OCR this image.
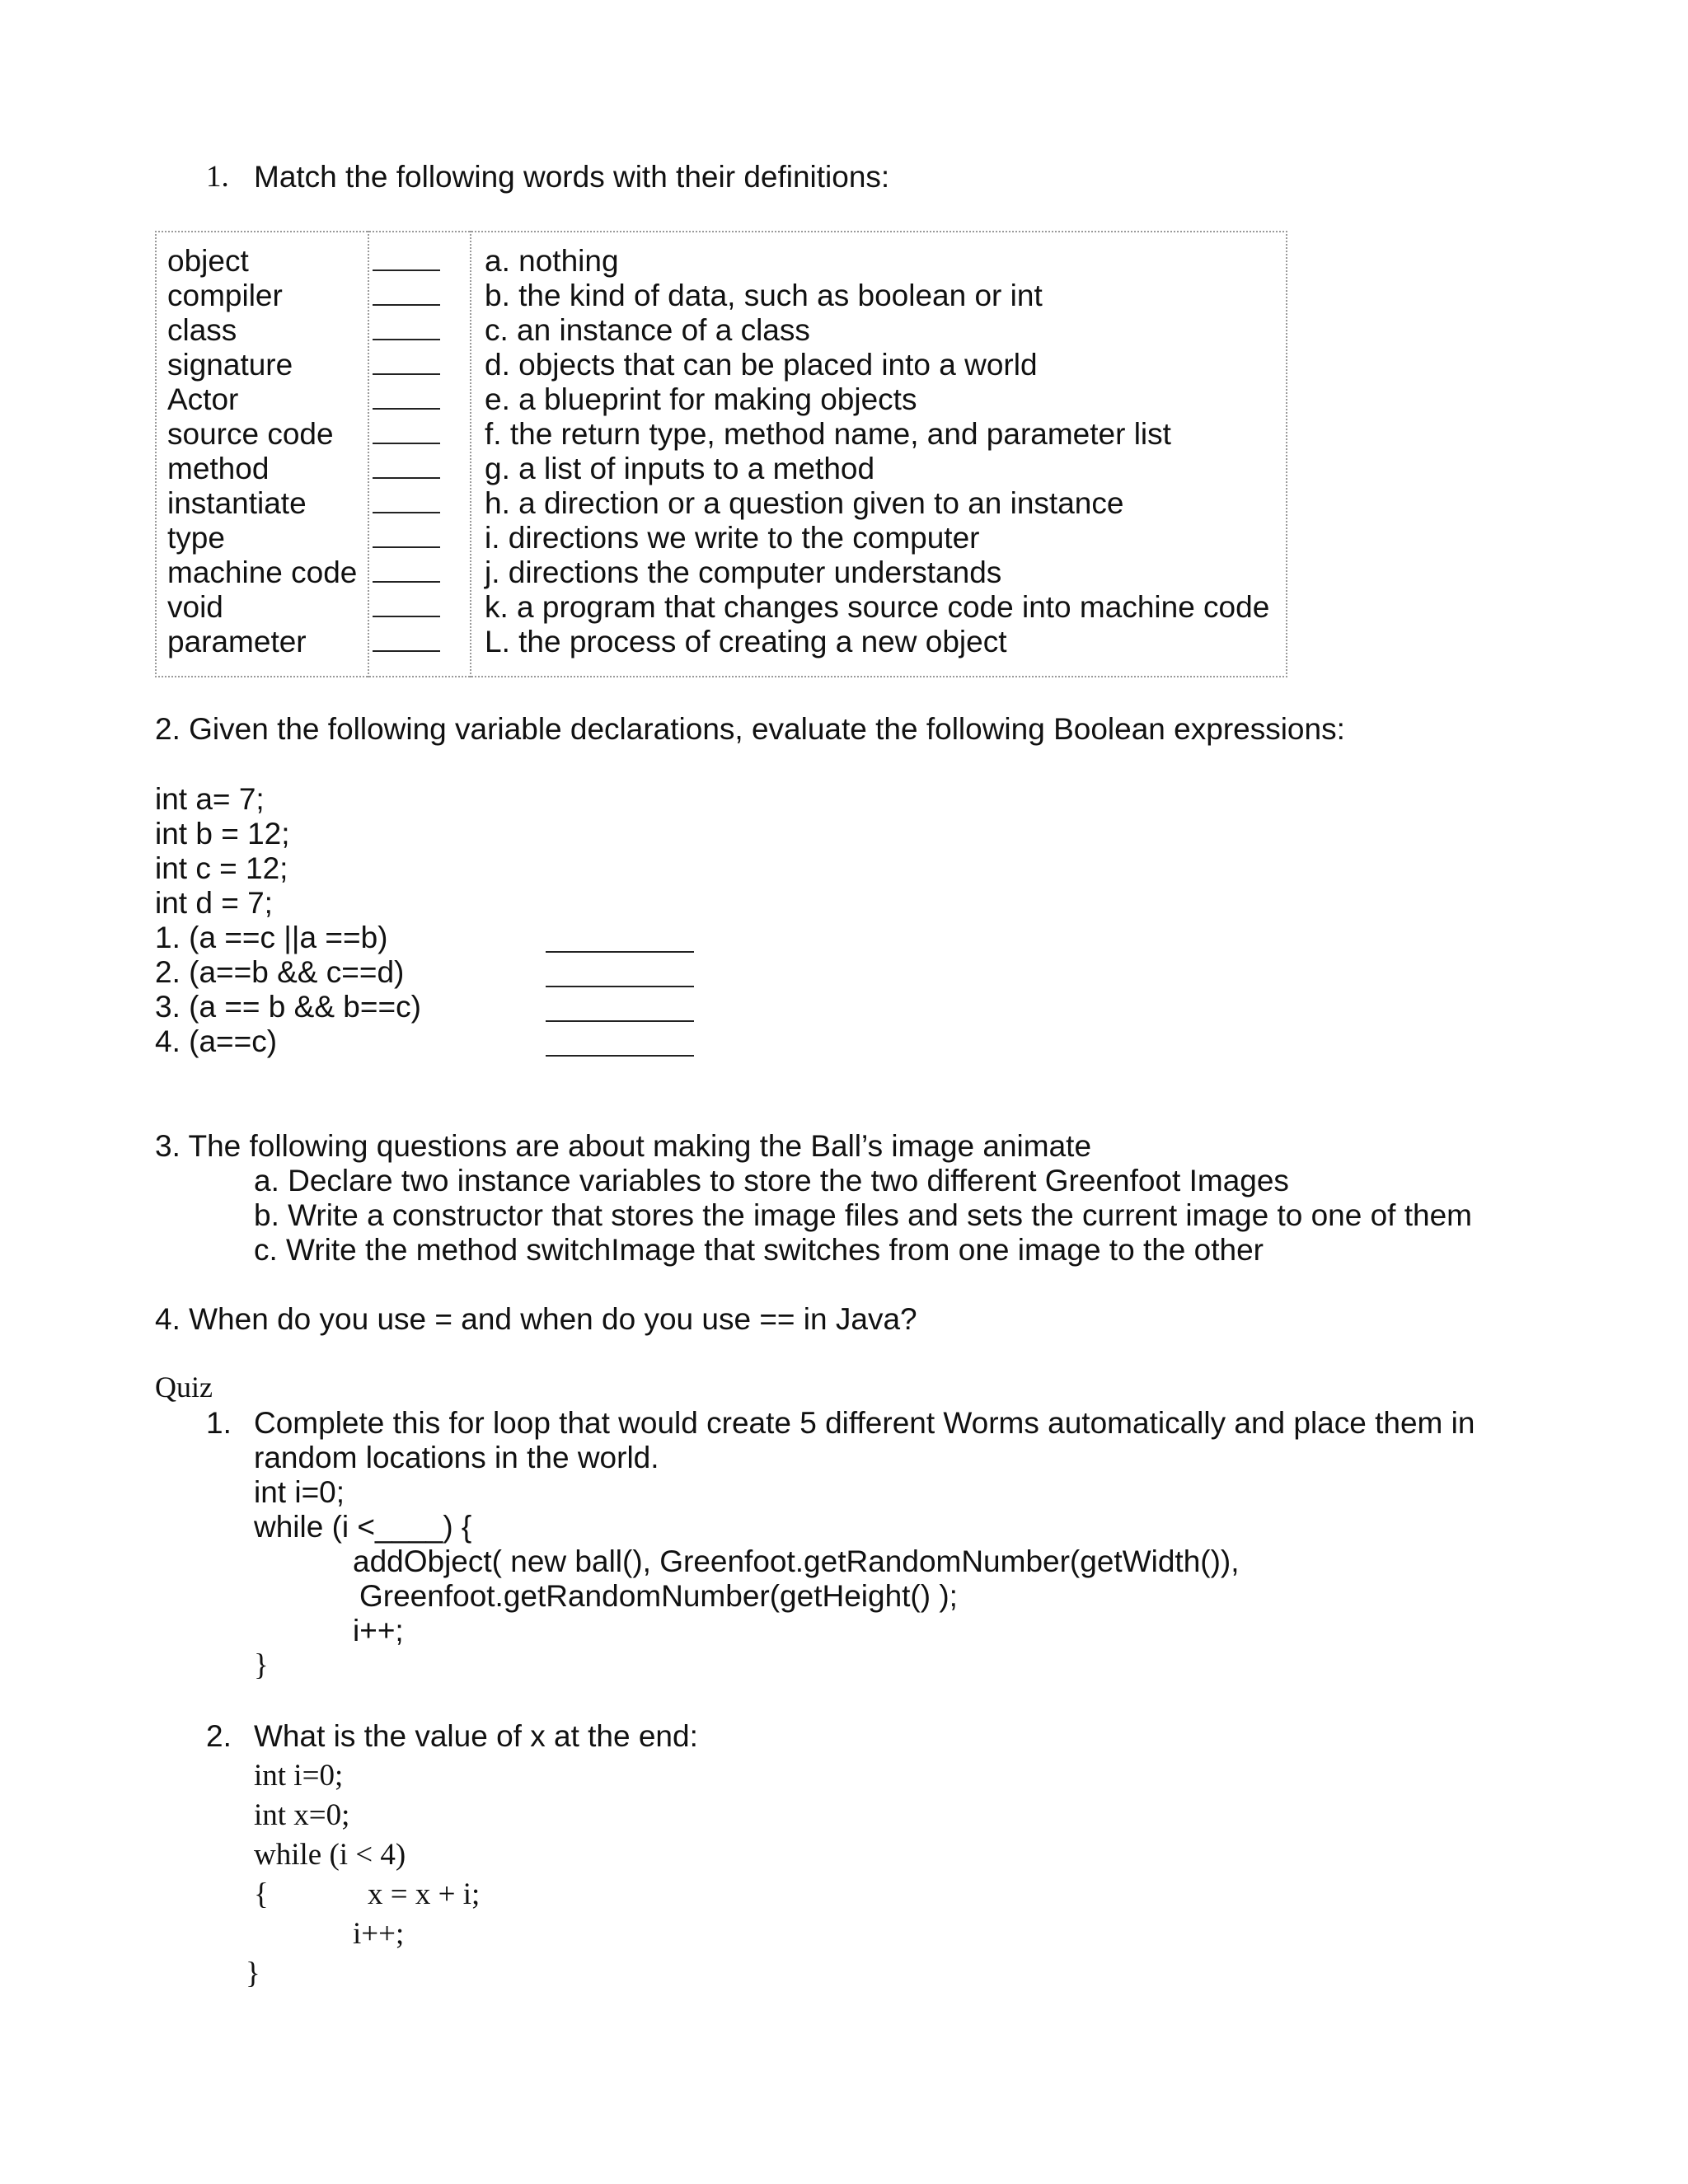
1. Match the following words with their definitions:
object
compiler
class
signature
Actor
source code
method
instantiate
type
machine code
void
parameter
a. nothing
b. the kind of data, such as boolean or int
c. an instance of a class
d. objects that can be placed into a world
e. a blueprint for making objects
f. the return type, method name, and parameter list
g. a list of inputs to a method
h. a direction or a question given to an instance
i. directions we write to the computer
j. directions the computer understands
k. a program that changes source code into machine code
L. the process of creating a new object
2. Given the following variable declarations, evaluate the following Boolean expressions:
int a= 7;
int b = 12;
int c = 12;
int d = 7;
1. (a ==c ||a ==b)
2. (a==b && c==d)
3. (a == b && b==c)
4. (a==c)
3. The following questions are about making the Ball’s image animate
a. Declare two instance variables to store the two different Greenfoot Images
b. Write a constructor that stores the image files and sets the current image to one of them
c. Write the method switchImage that switches from one image to the other
4. When do you use = and when do you use == in Java?
Quiz
1. Complete this for loop that would create 5 different Worms automatically and place them in
random locations in the world.
int i=0;
while (i <____) {
addObject( new ball(), Greenfoot.getRandomNumber(getWidth()),
Greenfoot.getRandomNumber(getHeight() );
i++;
}
2. What is the value of x at the end:
int i=0;
int x=0;
while (i < 4)
{	x = x + i;
i++;
}
